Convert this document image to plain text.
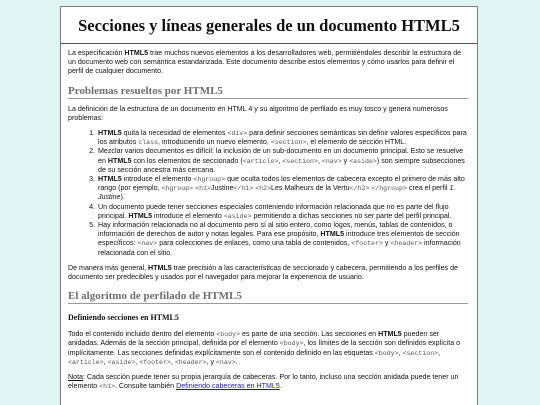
Secciones y líneas generales de un documento HTML5

La especificación HTML5 trae muchos nuevos elementos a los desarrolladores web, permitiéndoles describir la estructura de un documento web con semántica estandarizada. Este documento describe estos elementos y cómo usarlos para definir el perfil de cualquier documento.

Problemas resueltos por HTML5

La definición de la estructura de un documento en HTML 4 y su algoritmo de perfilado es muy tosco y genera numerosos problemas:

1. HTML5 quita la necesidad de elementos <div> para definir secciones semánticas sin definir valores específicos para los atributos class, introduciendo un nuevo elemento, <section>, el elemento de sección HTML.
2. Mezclar varios documentos es difícil: la inclusión de un sub-documento en un documento principal. Esto se resuelve en HTML5 con los elementos de seccionado (<article>, <section>, <nav> y <aside>) son siempre subsecciones de su sección ancestra más cercana.
3. HTML5 introduce el elemento <hgroup> que oculta todos los elementos de cabecera excepto el primero de más alto rango (por ejemplo, <hgroup> <h1>Justine</h1> <h2>Les Malheurs de la Vertu</h2> </hgroup> crea el perfil 1. Justine).
4. Un documento puede tener secciones especiales conteniendo información relacionada que no es parte del flujo principal. HTML5 introduce el elemento <aside> permitiendo a dichas secciones no ser parte del perfil principal.
5. Hay información relacionada no al documento pero sí al sitio entero, como logos, menús, tablas de contenidos, o información de derechos de autor y notas legales. Para ese propósito, HTML5 introduce tres elementos de sección específicos: <nav> para colecciones de enlaces, como una tabla de contenidos, <footer> y <header> información relacionada con el sitio.

De manera más general, HTML5 trae precisión a las características de seccionado y cabecera, permitiendo a los perfiles de documento ser predecibles y usados por el navegador para mejorar la experiencia de usuario.

El algoritmo de perfilado de HTML5
Definiendo secciones en HTML5

Todo el contenido incluido dentro del elemento <body> es parte de una sección. Las secciones en HTML5 pueden ser anidadas. Además de la sección principal, definida por el elemento <body>, los límites de la sección son definidos explícita o implícitamente. Las secciones definidas explícitamente son el contenido definido en las etiquetas <body>, <section>, <article>, <aside>, <footer>, <header>, y <nav>.

Nota: Cada sección puede tener su propia jerarquía de cabeceras. Por lo tanto, incluso una sección anidada puede tener un elemento <h1>. Consulte también Definiendo cabeceras en HTML5.
